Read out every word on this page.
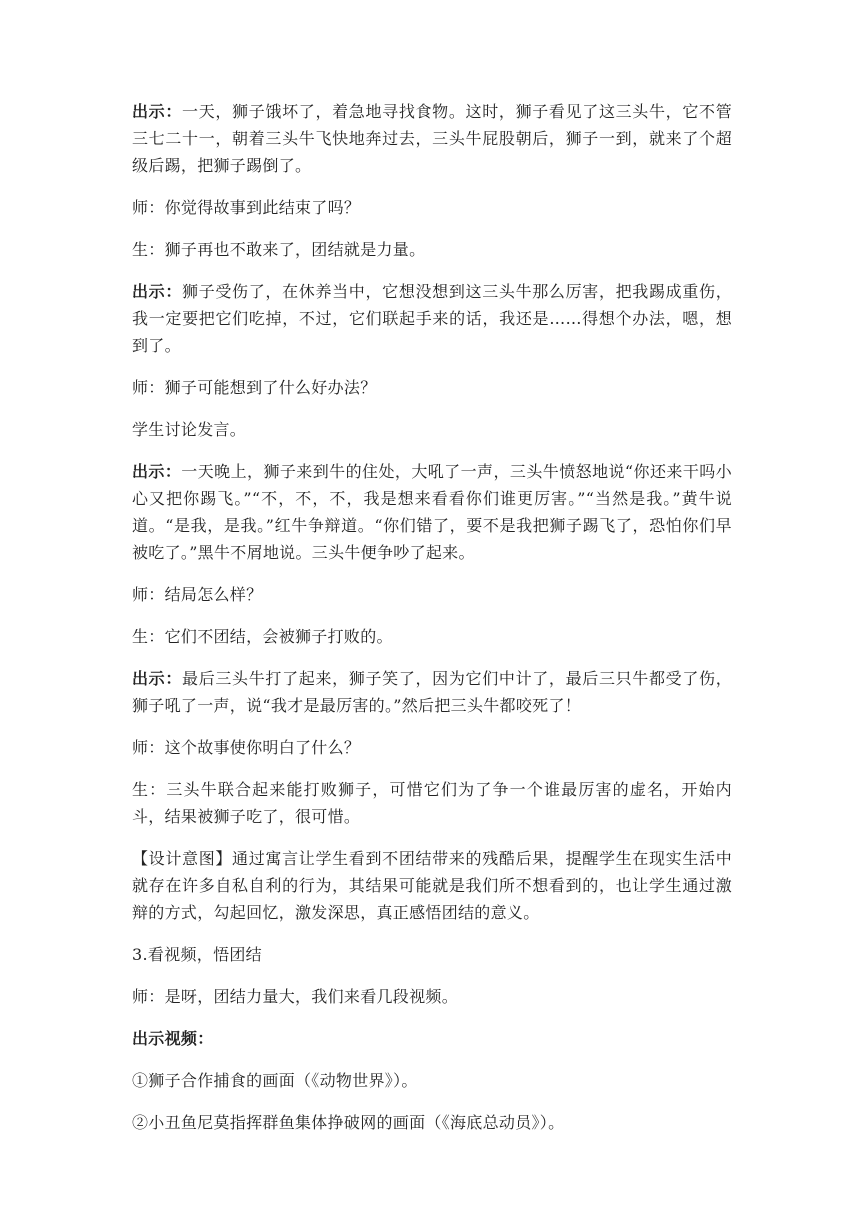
出示：一天，狮子饿坏了，着急地寻找食物。这时，狮子看见了这三头牛，它不管三七二十一，朝着三头牛飞快地奔过去，三头牛屁股朝后，狮子一到，就来了个超级后踢，把狮子踢倒了。

师：你觉得故事到此结束了吗？

生：狮子再也不敢来了，团结就是力量。

出示：狮子受伤了，在休养当中，它想没想到这三头牛那么厉害，把我踢成重伤，我一定要把它们吃掉，不过，它们联起手来的话，我还是……得想个办法，嗯，想到了。

师：狮子可能想到了什么好办法？

学生讨论发言。

出示：一天晚上，狮子来到牛的住处，大吼了一声，三头牛愤怒地说“你还来干吗小心又把你踢飞。”“不，不，不，我是想来看看你们谁更厉害。”“当然是我。”黄牛说道。“是我，是我。”红牛争辩道。“你们错了，要不是我把狮子踢飞了，恐怕你们早被吃了。”黑牛不屑地说。三头牛便争吵了起来。

师：结局怎么样？

生：它们不团结，会被狮子打败的。

出示：最后三头牛打了起来，狮子笑了，因为它们中计了，最后三只牛都受了伤，狮子吼了一声，说“我才是最厉害的。”然后把三头牛都咬死了！

师：这个故事使你明白了什么？

生：三头牛联合起来能打败狮子，可惜它们为了争一个谁最厉害的虚名，开始内斗，结果被狮子吃了，很可惜。

【设计意图】通过寓言让学生看到不团结带来的残酷后果，提醒学生在现实生活中就存在许多自私自利的行为，其结果可能就是我们所不想看到的，也让学生通过激辩的方式，勾起回忆，激发深思，真正感悟团结的意义。

3.看视频，悟团结

师：是呀，团结力量大，我们来看几段视频。

出示视频：

①狮子合作捕食的画面（《动物世界》）。

②小丑鱼尼莫指挥群鱼集体挣破网的画面（《海底总动员》）。
